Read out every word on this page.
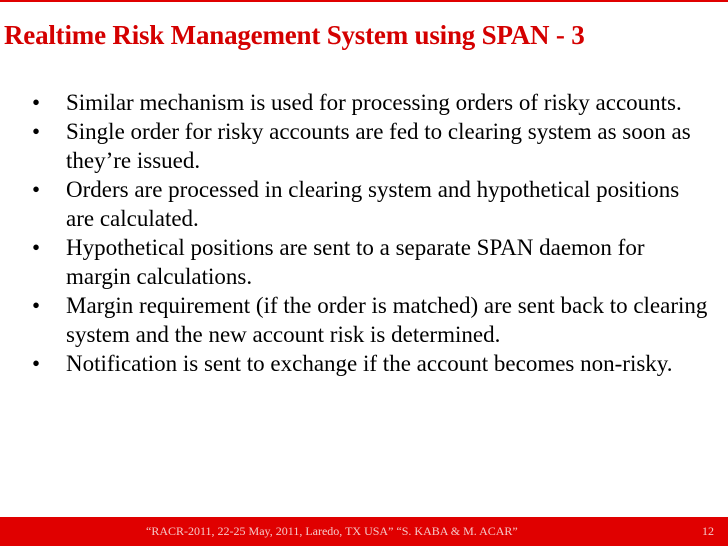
Realtime Risk Management System using SPAN - 3
• Similar mechanism is used for processing orders of risky accounts.
• Single order for risky accounts are fed to clearing system as soon as they’re issued.
• Orders are processed in clearing system and hypothetical positions are calculated.
• Hypothetical positions are sent to a separate SPAN daemon for margin calculations.
• Margin requirement (if the order is matched) are sent back to clearing system and the new account risk is determined.
• Notification is sent to exchange if the account becomes non-risky.
“RACR-2011, 22-25 May, 2011, Laredo, TX USA” “S. KABA & M. ACAR”	12
